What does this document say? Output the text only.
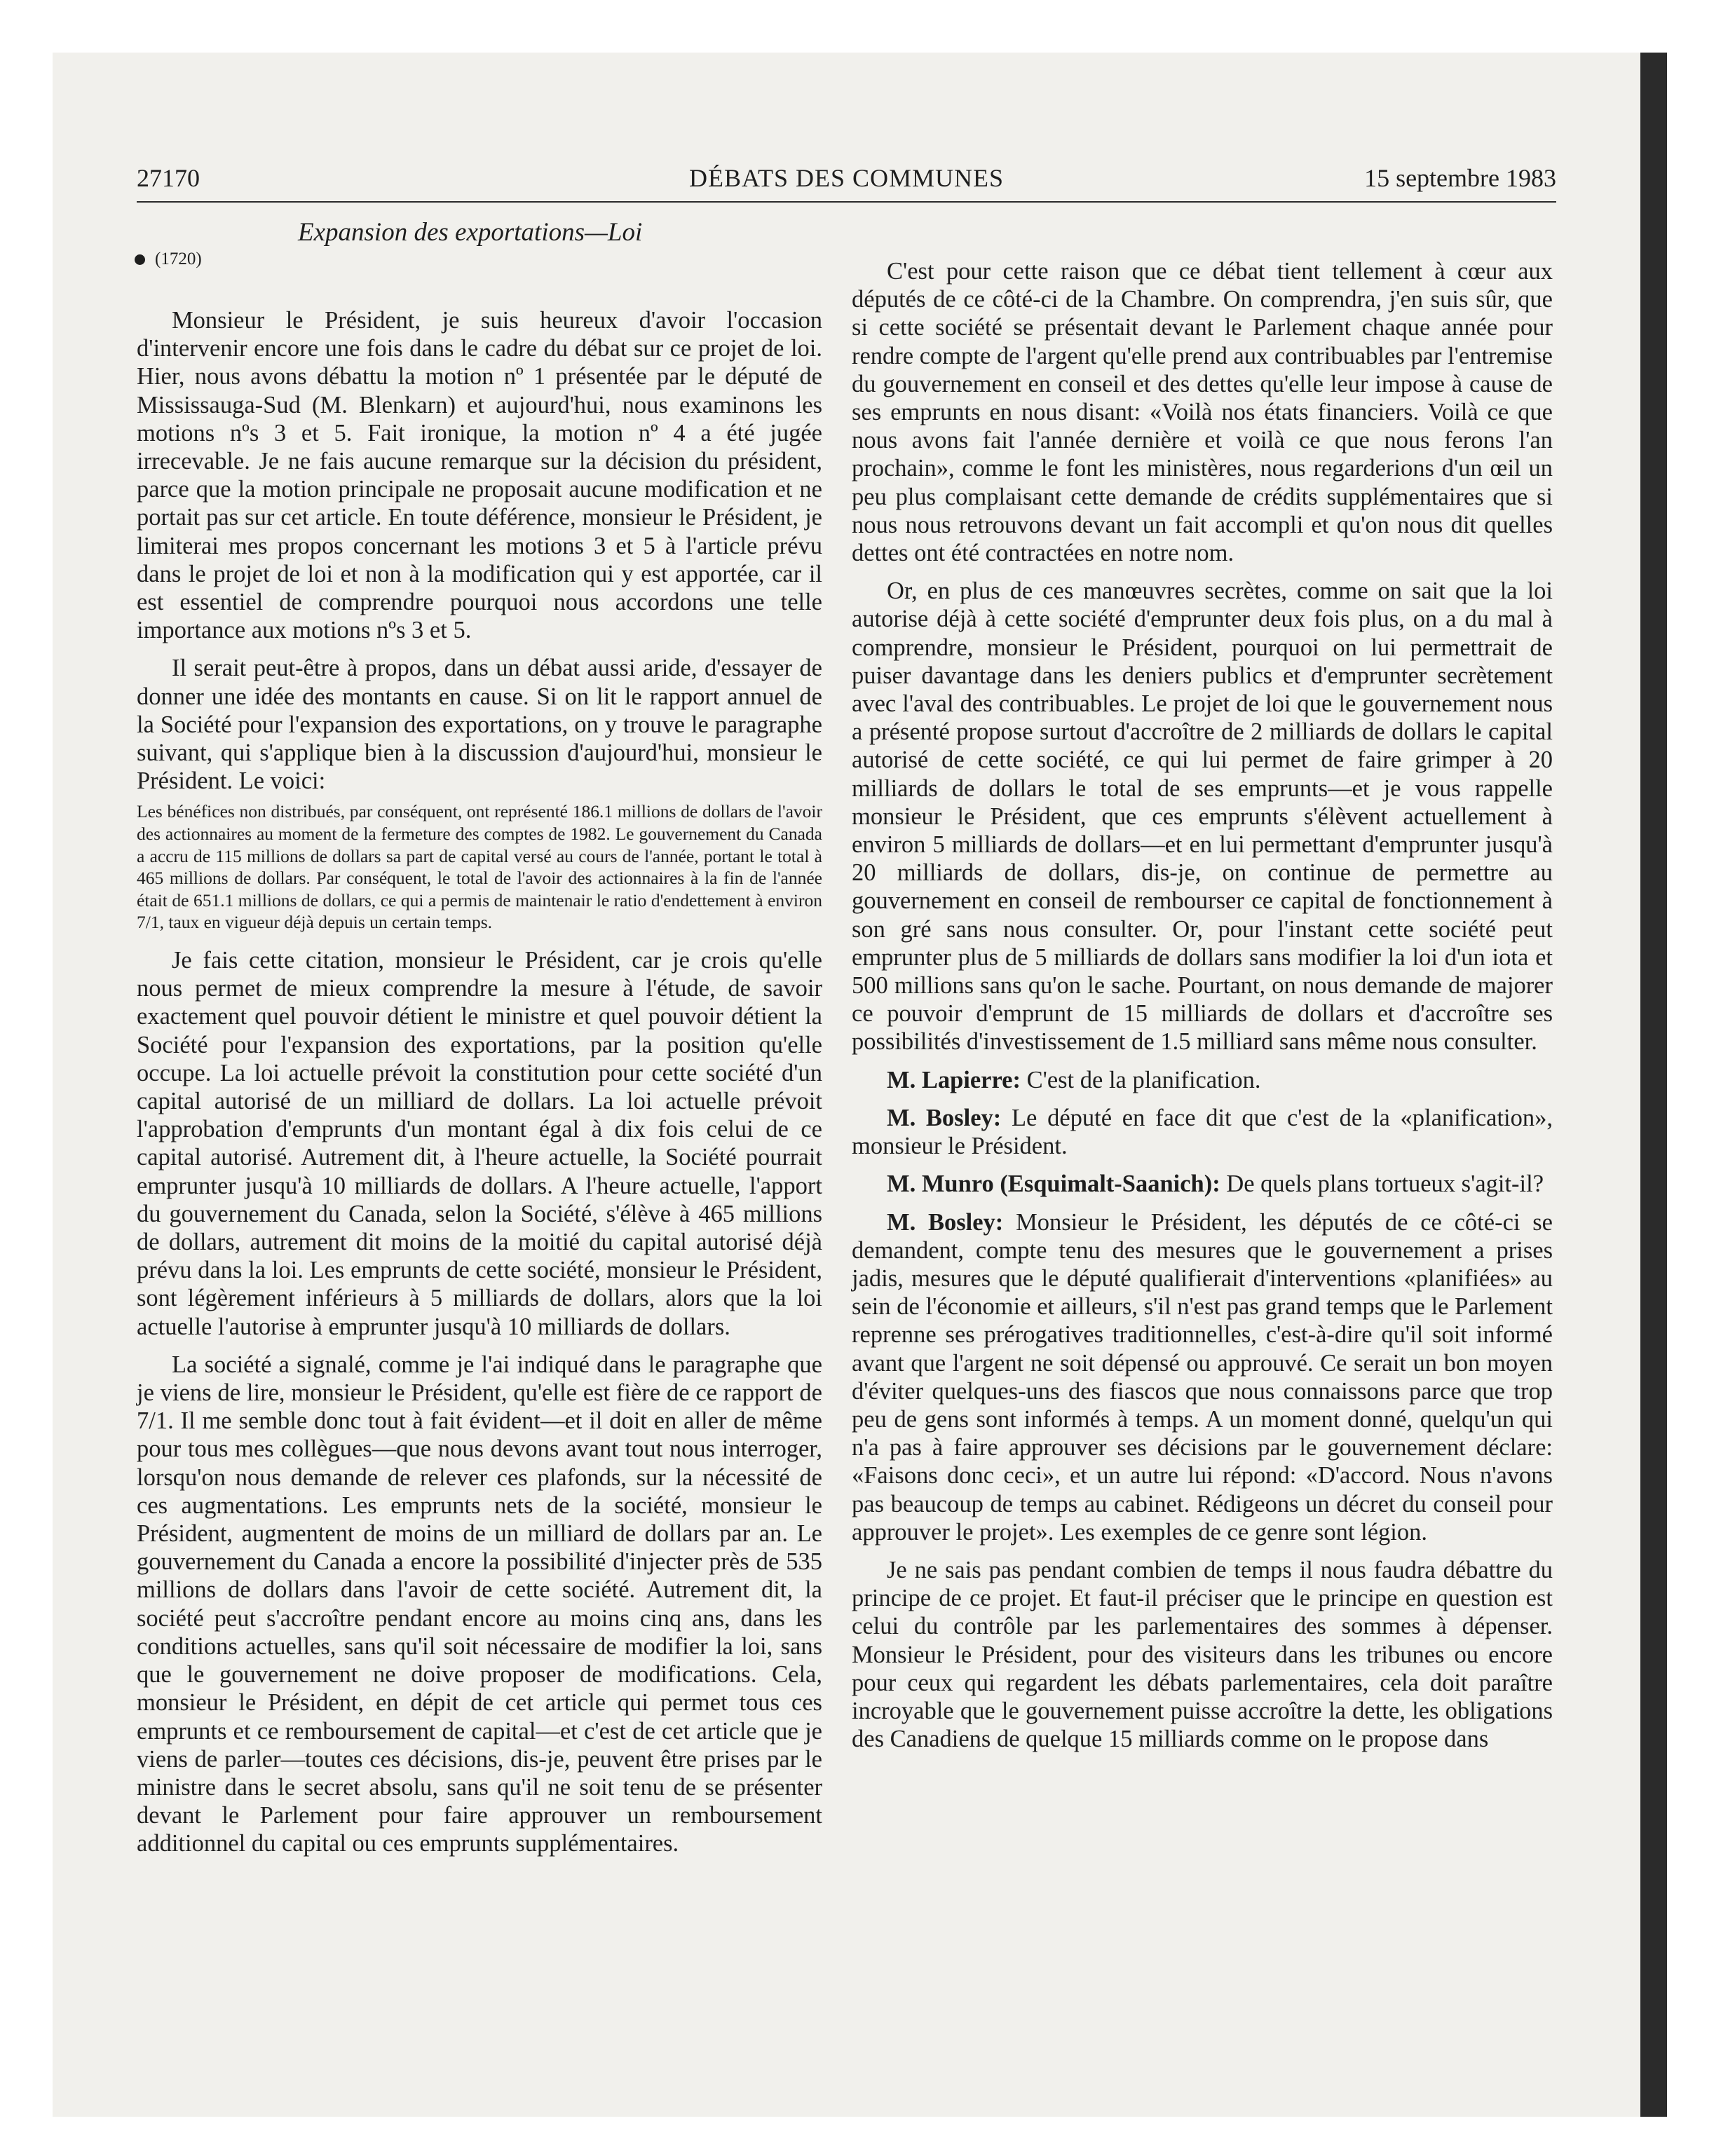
DÉBATS DES COMMUNES
27170	15 septembre 1983
Expansion des exportations—Loi
(1720)

Monsieur le Président, je suis heureux d'avoir l'occasion d'intervenir encore une fois dans le cadre du débat sur ce projet de loi. Hier, nous avons débattu la motion nº 1 présentée par le député de Mississauga-Sud (M. Blenkarn) et aujourd'hui, nous examinons les motions nºs 3 et 5. Fait ironique, la motion nº 4 a été jugée irrecevable. Je ne fais aucune remarque sur la décision du président, parce que la motion principale ne proposait aucune modification et ne portait pas sur cet article. En toute déférence, monsieur le Président, je limiterai mes propos concernant les motions 3 et 5 à l'article prévu dans le projet de loi et non à la modification qui y est apportée, car il est essentiel de comprendre pourquoi nous accordons une telle importance aux motions nºs 3 et 5.

Il serait peut-être à propos, dans un débat aussi aride, d'essayer de donner une idée des montants en cause. Si on lit le rapport annuel de la Société pour l'expansion des exportations, on y trouve le paragraphe suivant, qui s'applique bien à la discussion d'aujourd'hui, monsieur le Président. Le voici:

Les bénéfices non distribués, par conséquent, ont représenté 186.1 millions de dollars de l'avoir des actionnaires au moment de la fermeture des comptes de 1982. Le gouvernement du Canada a accru de 115 millions de dollars sa part de capital versé au cours de l'année, portant le total à 465 millions de dollars. Par conséquent, le total de l'avoir des actionnaires à la fin de l'année était de 651.1 millions de dollars, ce qui a permis de maintenair le ratio d'endettement à environ 7/1, taux en vigueur déjà depuis un certain temps.

Je fais cette citation, monsieur le Président, car je crois qu'elle nous permet de mieux comprendre la mesure à l'étude, de savoir exactement quel pouvoir détient le ministre et quel pouvoir détient la Société pour l'expansion des exportations, par la position qu'elle occupe. La loi actuelle prévoit la constitution pour cette société d'un capital autorisé de un milliard de dollars. La loi actuelle prévoit l'approbation d'emprunts d'un montant égal à dix fois celui de ce capital autorisé. Autrement dit, à l'heure actuelle, la Société pourrait emprunter jusqu'à 10 milliards de dollars. A l'heure actuelle, l'apport du gouvernement du Canada, selon la Société, s'élève à 465 millions de dollars, autrement dit moins de la moitié du capital autorisé déjà prévu dans la loi. Les emprunts de cette société, monsieur le Président, sont légèrement inférieurs à 5 milliards de dollars, alors que la loi actuelle l'autorise à emprunter jusqu'à 10 milliards de dollars.

La société a signalé, comme je l'ai indiqué dans le paragraphe que je viens de lire, monsieur le Président, qu'elle est fière de ce rapport de 7/1. Il me semble donc tout à fait évident—et il doit en aller de même pour tous mes collègues—que nous devons avant tout nous interroger, lorsqu'on nous demande de relever ces plafonds, sur la nécessité de ces augmentations. Les emprunts nets de la société, monsieur le Président, augmentent de moins de un milliard de dollars par an. Le gouvernement du Canada a encore la possibilité d'injecter près de 535 millions de dollars dans l'avoir de cette société. Autrement dit, la société peut s'accroître pendant encore au moins cinq ans, dans les conditions actuelles, sans qu'il soit nécessaire de modifier la loi, sans que le gouvernement ne doive proposer de modifications. Cela, monsieur le Président, en dépit de cet article qui permet tous ces emprunts et ce remboursement de capital—et c'est de cet article que je viens de parler—toutes ces décisions, dis-je, peuvent être prises par le ministre dans le secret absolu, sans qu'il ne soit tenu de se présenter devant le Parlement pour faire approuver un remboursement additionnel du capital ou ces emprunts supplémentaires.

C'est pour cette raison que ce débat tient tellement à cœur aux députés de ce côté-ci de la Chambre. On comprendra, j'en suis sûr, que si cette société se présentait devant le Parlement chaque année pour rendre compte de l'argent qu'elle prend aux contribuables par l'entremise du gouvernement en conseil et des dettes qu'elle leur impose à cause de ses emprunts en nous disant: «Voilà nos états financiers. Voilà ce que nous avons fait l'année dernière et voilà ce que nous ferons l'an prochain», comme le font les ministères, nous regarderions d'un œil un peu plus complaisant cette demande de crédits supplémentaires que si nous nous retrouvons devant un fait accompli et qu'on nous dit quelles dettes ont été contractées en notre nom.

Or, en plus de ces manœuvres secrètes, comme on sait que la loi autorise déjà à cette société d'emprunter deux fois plus, on a du mal à comprendre, monsieur le Président, pourquoi on lui permettrait de puiser davantage dans les deniers publics et d'emprunter secrètement avec l'aval des contribuables. Le projet de loi que le gouvernement nous a présenté propose surtout d'accroître de 2 milliards de dollars le capital autorisé de cette société, ce qui lui permet de faire grimper à 20 milliards de dollars le total de ses emprunts—et je vous rappelle monsieur le Président, que ces emprunts s'élèvent actuellement à environ 5 milliards de dollars—et en lui permettant d'emprunter jusqu'à 20 milliards de dollars, dis-je, on continue de permettre au gouvernement en conseil de rembourser ce capital de fonctionnement à son gré sans nous consulter. Or, pour l'instant cette société peut emprunter plus de 5 milliards de dollars sans modifier la loi d'un iota et 500 millions sans qu'on le sache. Pourtant, on nous demande de majorer ce pouvoir d'emprunt de 15 milliards de dollars et d'accroître ses possibilités d'investissement de 1.5 milliard sans même nous consulter.

M. Lapierre: C'est de la planification.

M. Bosley: Le député en face dit que c'est de la «planification», monsieur le Président.

M. Munro (Esquimalt-Saanich): De quels plans tortueux s'agit-il?

M. Bosley: Monsieur le Président, les députés de ce côté-ci se demandent, compte tenu des mesures que le gouvernement a prises jadis, mesures que le député qualifierait d'interventions «planifiées» au sein de l'économie et ailleurs, s'il n'est pas grand temps que le Parlement reprenne ses prérogatives traditionnelles, c'est-à-dire qu'il soit informé avant que l'argent ne soit dépensé ou approuvé. Ce serait un bon moyen d'éviter quelques-uns des fiascos que nous connaissons parce que trop peu de gens sont informés à temps. A un moment donné, quelqu'un qui n'a pas à faire approuver ses décisions par le gouvernement déclare: «Faisons donc ceci», et un autre lui répond: «D'accord. Nous n'avons pas beaucoup de temps au cabinet. Rédigeons un décret du conseil pour approuver le projet». Les exemples de ce genre sont légion.

Je ne sais pas pendant combien de temps il nous faudra débattre du principe de ce projet. Et faut-il préciser que le principe en question est celui du contrôle par les parlementaires des sommes à dépenser. Monsieur le Président, pour des visiteurs dans les tribunes ou encore pour ceux qui regardent les débats parlementaires, cela doit paraître incroyable que le gouvernement puisse accroître la dette, les obligations des Canadiens de quelque 15 milliards comme on le propose dans
